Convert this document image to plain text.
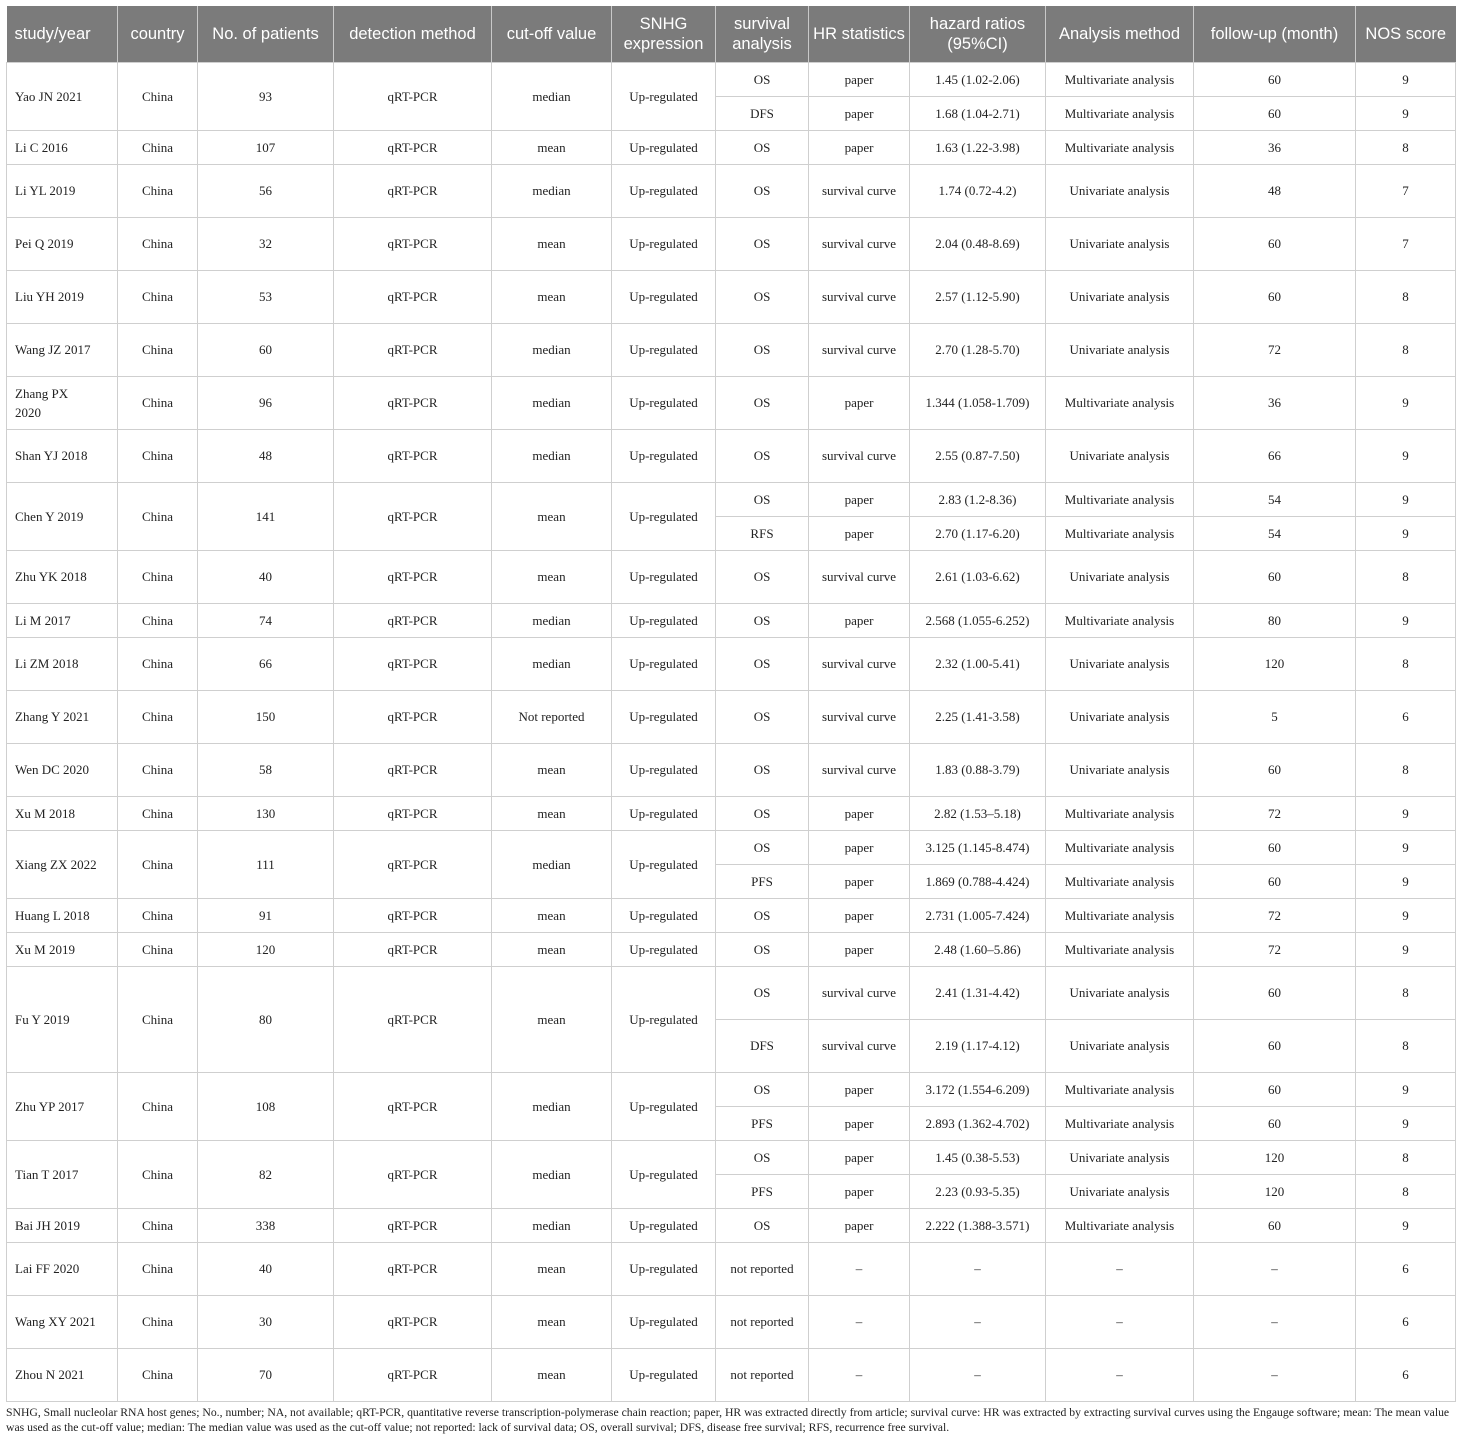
study/year	country	No. of patients	detection method	cut-off value	SNHG expression	survival analysis	HR statistics	hazard ratios (95%CI)	Analysis method	follow-up (month)	NOS score
Yao JN 2021	China	93	qRT-PCR	median	Up-regulated	OS	paper	1.45 (1.02-2.06)	Multivariate analysis	60	9
						DFS	paper	1.68 (1.04-2.71)	Multivariate analysis	60	9
Li C 2016	China	107	qRT-PCR	mean	Up-regulated	OS	paper	1.63 (1.22-3.98)	Multivariate analysis	36	8
Li YL 2019	China	56	qRT-PCR	median	Up-regulated	OS	survival curve	1.74 (0.72-4.2)	Univariate analysis	48	7
Pei Q 2019	China	32	qRT-PCR	mean	Up-regulated	OS	survival curve	2.04 (0.48-8.69)	Univariate analysis	60	7
Liu YH 2019	China	53	qRT-PCR	mean	Up-regulated	OS	survival curve	2.57 (1.12-5.90)	Univariate analysis	60	8
Wang JZ 2017	China	60	qRT-PCR	median	Up-regulated	OS	survival curve	2.70 (1.28-5.70)	Univariate analysis	72	8
Zhang PX 2020	China	96	qRT-PCR	median	Up-regulated	OS	paper	1.344 (1.058-1.709)	Multivariate analysis	36	9
Shan YJ 2018	China	48	qRT-PCR	median	Up-regulated	OS	survival curve	2.55 (0.87-7.50)	Univariate analysis	66	9
Chen Y 2019	China	141	qRT-PCR	mean	Up-regulated	OS	paper	2.83 (1.2-8.36)	Multivariate analysis	54	9
						RFS	paper	2.70 (1.17-6.20)	Multivariate analysis	54	9
Zhu YK 2018	China	40	qRT-PCR	mean	Up-regulated	OS	survival curve	2.61 (1.03-6.62)	Univariate analysis	60	8
Li M 2017	China	74	qRT-PCR	median	Up-regulated	OS	paper	2.568 (1.055-6.252)	Multivariate analysis	80	9
Li ZM 2018	China	66	qRT-PCR	median	Up-regulated	OS	survival curve	2.32 (1.00-5.41)	Univariate analysis	120	8
Zhang Y 2021	China	150	qRT-PCR	Not reported	Up-regulated	OS	survival curve	2.25 (1.41-3.58)	Univariate analysis	5	6
Wen DC 2020	China	58	qRT-PCR	mean	Up-regulated	OS	survival curve	1.83 (0.88-3.79)	Univariate analysis	60	8
Xu M 2018	China	130	qRT-PCR	mean	Up-regulated	OS	paper	2.82 (1.53–5.18)	Multivariate analysis	72	9
Xiang ZX 2022	China	111	qRT-PCR	median	Up-regulated	OS	paper	3.125 (1.145-8.474)	Multivariate analysis	60	9
						PFS	paper	1.869 (0.788-4.424)	Multivariate analysis	60	9
Huang L 2018	China	91	qRT-PCR	mean	Up-regulated	OS	paper	2.731 (1.005-7.424)	Multivariate analysis	72	9
Xu M 2019	China	120	qRT-PCR	mean	Up-regulated	OS	paper	2.48 (1.60–5.86)	Multivariate analysis	72	9
Fu Y 2019	China	80	qRT-PCR	mean	Up-regulated	OS	survival curve	2.41 (1.31-4.42)	Univariate analysis	60	8
						DFS	survival curve	2.19 (1.17-4.12)	Univariate analysis	60	8
Zhu YP 2017	China	108	qRT-PCR	median	Up-regulated	OS	paper	3.172 (1.554-6.209)	Multivariate analysis	60	9
						PFS	paper	2.893 (1.362-4.702)	Multivariate analysis	60	9
Tian T 2017	China	82	qRT-PCR	median	Up-regulated	OS	paper	1.45 (0.38-5.53)	Univariate analysis	120	8
						PFS	paper	2.23 (0.93-5.35)	Univariate analysis	120	8
Bai JH 2019	China	338	qRT-PCR	median	Up-regulated	OS	paper	2.222 (1.388-3.571)	Multivariate analysis	60	9
Lai FF 2020	China	40	qRT-PCR	mean	Up-regulated	not reported	–	–	–	–	6
Wang XY 2021	China	30	qRT-PCR	mean	Up-regulated	not reported	–	–	–	–	6
Zhou N 2021	China	70	qRT-PCR	mean	Up-regulated	not reported	–	–	–	–	6
SNHG, Small nucleolar RNA host genes; No., number; NA, not available; qRT-PCR, quantitative reverse transcription-polymerase chain reaction; paper, HR was extracted directly from article; survival curve: HR was extracted by extracting survival curves using the Engauge software; mean: The mean value was used as the cut-off value; median: The median value was used as the cut-off value; not reported: lack of survival data; OS, overall survival; DFS, disease free survival; RFS, recurrence free survival.
